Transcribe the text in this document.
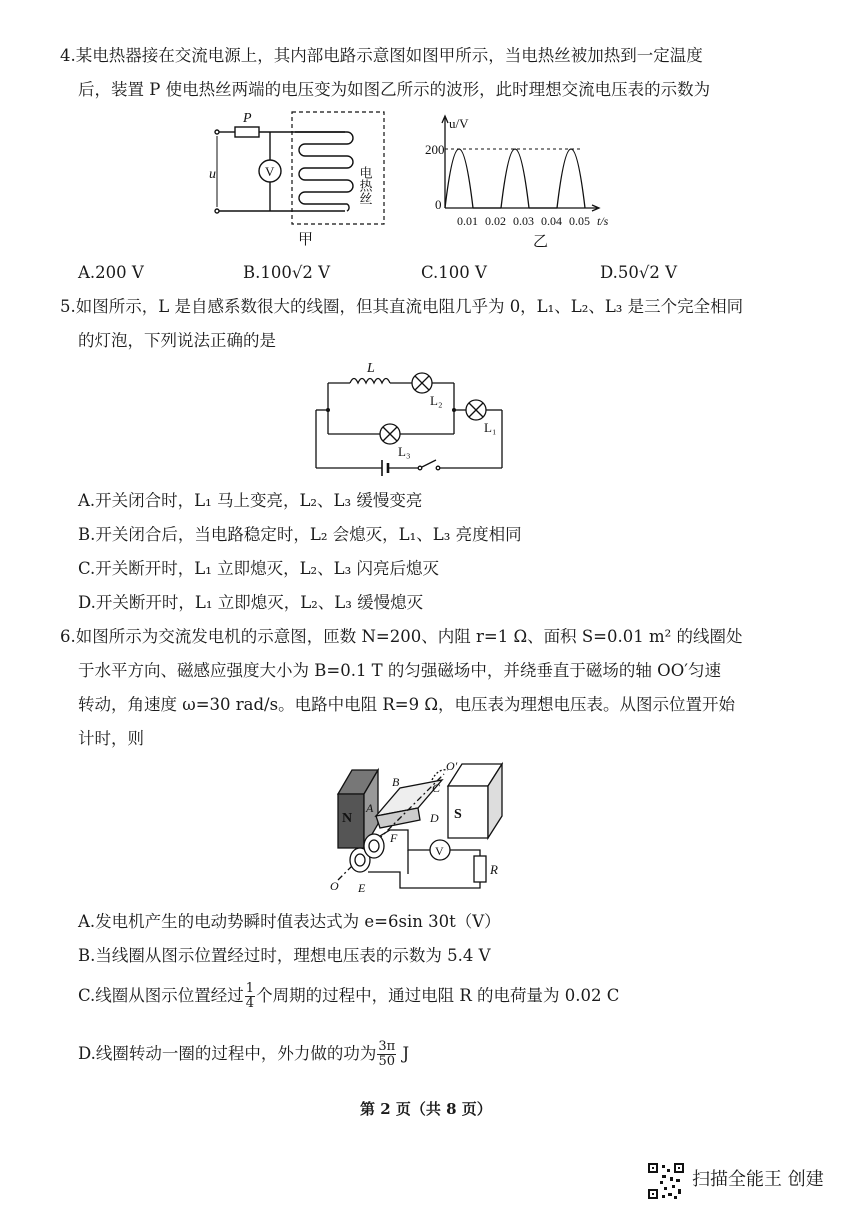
4.某电热器接在交流电源上，其内部电路示意图如图甲所示，当电热丝被加热到一定温度
后，装置 P 使电热丝两端的电压变为如图乙所示的波形，此时理想交流电压表的示数为
P
u	V	电热丝
甲
u/V
200
0
0.01 0.02 0.03 0.04 0.05 t/s
乙
A.200 V	B.100√2 V	C.100 V	D.50√2 V
5.如图所示，L 是自感系数很大的线圈，但其直流电阻几乎为 0，L₁、L₂、L₃ 是三个完全相同
的灯泡，下列说法正确的是
L
L₂
L₁
L₃
A.开关闭合时，L₁ 马上变亮，L₂、L₃ 缓慢变亮
B.开关闭合后，当电路稳定时，L₂ 会熄灭，L₁、L₃ 亮度相同
C.开关断开时，L₁ 立即熄灭，L₂、L₃ 闪亮后熄灭
D.开关断开时，L₁ 立即熄灭，L₂、L₃ 缓慢熄灭
6.如图所示为交流发电机的示意图，匝数 N=200、内阻 r=1 Ω、面积 S=0.01 m² 的线圈处
于水平方向、磁感应强度大小为 B=0.1 T 的匀强磁场中，并绕垂直于磁场的轴 OO′匀速
转动，角速度 ω=30 rad/s。电路中电阻 R=9 Ω，电压表为理想电压表。从图示位置开始
计时，则
N	S
A
B	C
D
E
F
O
O′
V
R
A.发电机产生的电动势瞬时值表达式为 e=6sin 30t（V）
B.当线圈从图示位置经过时，理想电压表的示数为 5.4 V
C.线圈从图示位置经过 $\frac{1}{4}$ 个周期的过程中，通过电阻 R 的电荷量为 0.02 C
D.线圈转动一圈的过程中，外力做的功为 $\frac{3\pi}{50}$ J
第 2 页（共 8 页）
扫描全能王 创建
